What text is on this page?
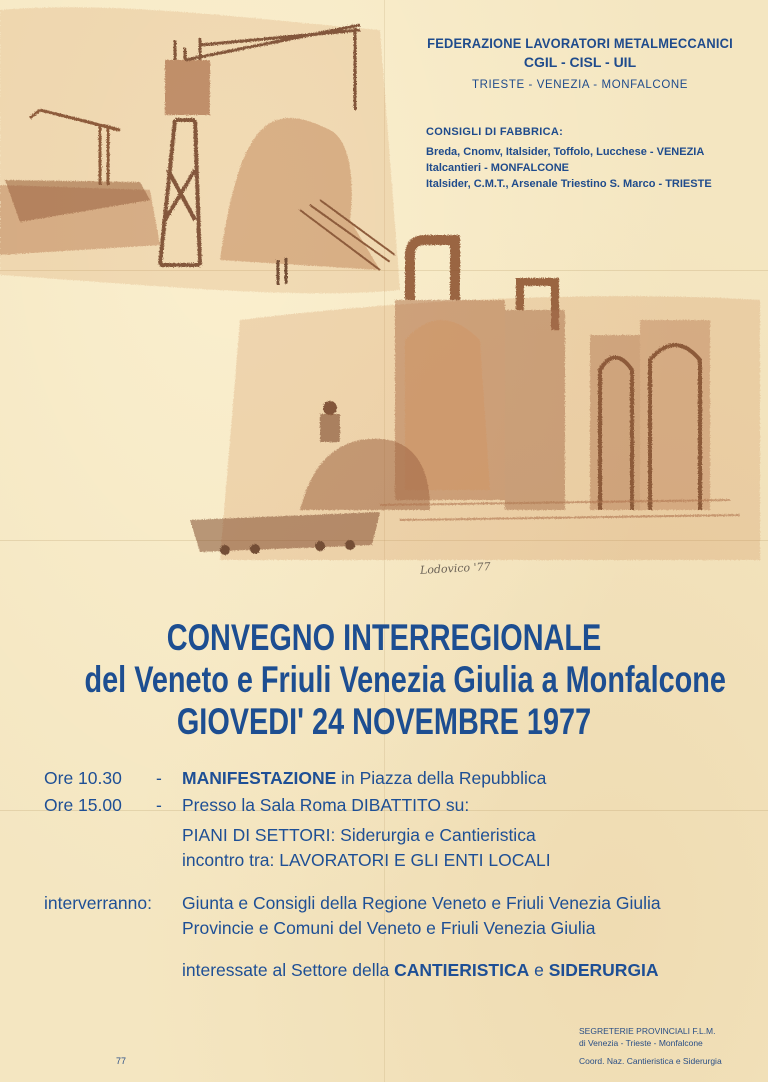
FEDERAZIONE LAVORATORI METALMECCANICI
CGIL - CISL - UIL
TRIESTE - VENEZIA - MONFALCONE
CONSIGLI DI FABBRICA:
Breda, Cnomv, Italsider, Toffolo, Lucchese - VENEZIA
Italcantieri - MONFALCONE
Italsider, C.M.T., Arsenale Triestino S. Marco - TRIESTE
Lodovico '77
CONVEGNO INTERREGIONALE
del Veneto e Friuli Venezia Giulia a Monfalcone
GIOVEDI' 24 NOVEMBRE 1977
Ore 10.30 - MANIFESTAZIONE in Piazza della Repubblica
Ore 15.00 - Presso la Sala Roma DIBATTITO su:
PIANI DI SETTORI: Siderurgia e Cantieristica
incontro tra: LAVORATORI E GLI ENTI LOCALI
interverranno: Giunta e Consigli della Regione Veneto e Friuli Venezia Giulia
Provincie e Comuni del Veneto e Friuli Venezia Giulia
interessate al Settore della CANTIERISTICA e SIDERURGIA
SEGRETERIE PROVINCIALI F.L.M.
di Venezia - Trieste - Monfalcone
Coord. Naz. Cantieristica e Siderurgia
77
